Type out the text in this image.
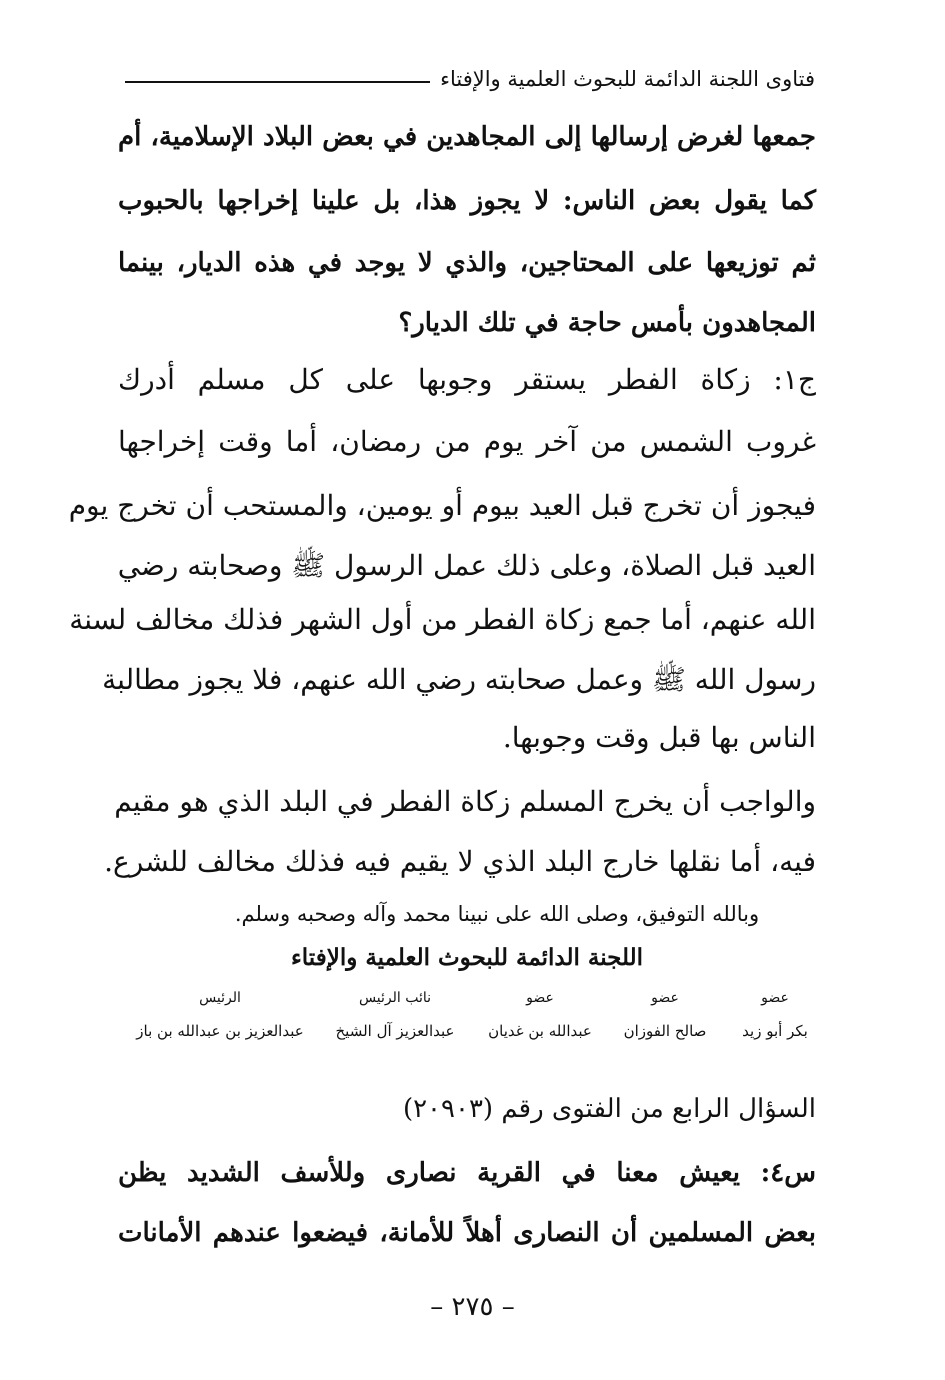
فتاوى اللجنة الدائمة للبحوث العلمية والإفتاء
جمعها لغرض إرسالها إلى المجاهدين في بعض البلاد الإسلامية، أم
كما يقول بعض الناس: لا يجوز هذا، بل علينا إخراجها بالحبوب
ثم توزيعها على المحتاجين، والذي لا يوجد في هذه الديار، بينما
المجاهدون بأمس حاجة في تلك الديار؟
ج١: زكاة الفطر يستقر وجوبها على كل مسلم أدرك
غروب الشمس من آخر يوم من رمضان، أما وقت إخراجها
فيجوز أن تخرج قبل العيد بيوم أو يومين، والمستحب أن تخرج يوم
العيد قبل الصلاة، وعلى ذلك عمل الرسول ﷺ وصحابته رضي
الله عنهم، أما جمع زكاة الفطر من أول الشهر فذلك مخالف لسنة
رسول الله ﷺ وعمل صحابته رضي الله عنهم، فلا يجوز مطالبة
الناس بها قبل وقت وجوبها.
والواجب أن يخرج المسلم زكاة الفطر في البلد الذي هو مقيم
فيه، أما نقلها خارج البلد الذي لا يقيم فيه فذلك مخالف للشرع.
وبالله التوفيق، وصلى الله على نبينا محمد وآله وصحبه وسلم.
اللجنة الدائمة للبحوث العلمية والإفتاء
عضو
عضو
عضو
نائب الرئيس
الرئيس
بكر أبو زيد
صالح الفوزان
عبدالله بن غديان
عبدالعزيز آل الشيخ
عبدالعزيز بن عبدالله بن باز
السؤال الرابع من الفتوى رقم (٢٠٩٠٣)
س٤: يعيش معنا في القرية نصارى وللأسف الشديد يظن
بعض المسلمين أن النصارى أهلاً للأمانة، فيضعوا عندهم الأمانات
– ٢٧٥ –
